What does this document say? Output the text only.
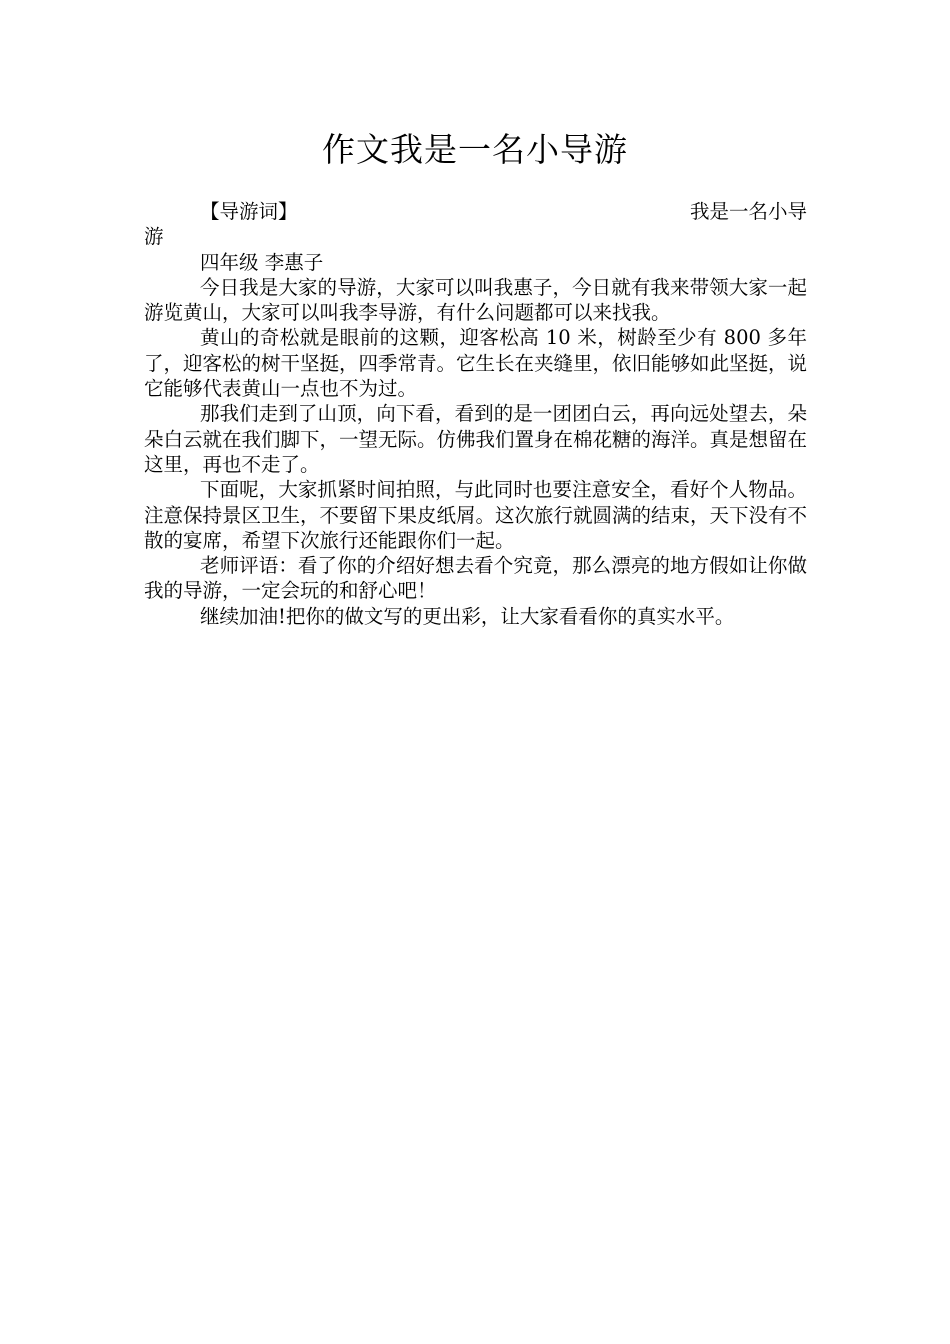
作文我是一名小导游
【导游词】	我是一名小导

游

四年级 李惠子

今日我是大家的导游，大家可以叫我惠子，今日就有我来带领大家一起游览黄山，大家可以叫我李导游，有什么问题都可以来找我。

黄山的奇松就是眼前的这颗，迎客松高 10 米，树龄至少有 800 多年了，迎客松的树干坚挺，四季常青。它生长在夹缝里，依旧能够如此坚挺，说它能够代表黄山一点也不为过。

那我们走到了山顶，向下看，看到的是一团团白云，再向远处望去，朵朵白云就在我们脚下，一望无际。仿佛我们置身在棉花糖的海洋。真是想留在这里，再也不走了。

下面呢，大家抓紧时间拍照，与此同时也要注意安全，看好个人物品。注意保持景区卫生，不要留下果皮纸屑。这次旅行就圆满的结束，天下没有不散的宴席，希望下次旅行还能跟你们一起。

老师评语：看了你的介绍好想去看个究竟，那么漂亮的地方假如让你做我的导游，一定会玩的和舒心吧！

继续加油!把你的做文写的更出彩，让大家看看你的真实水平。
